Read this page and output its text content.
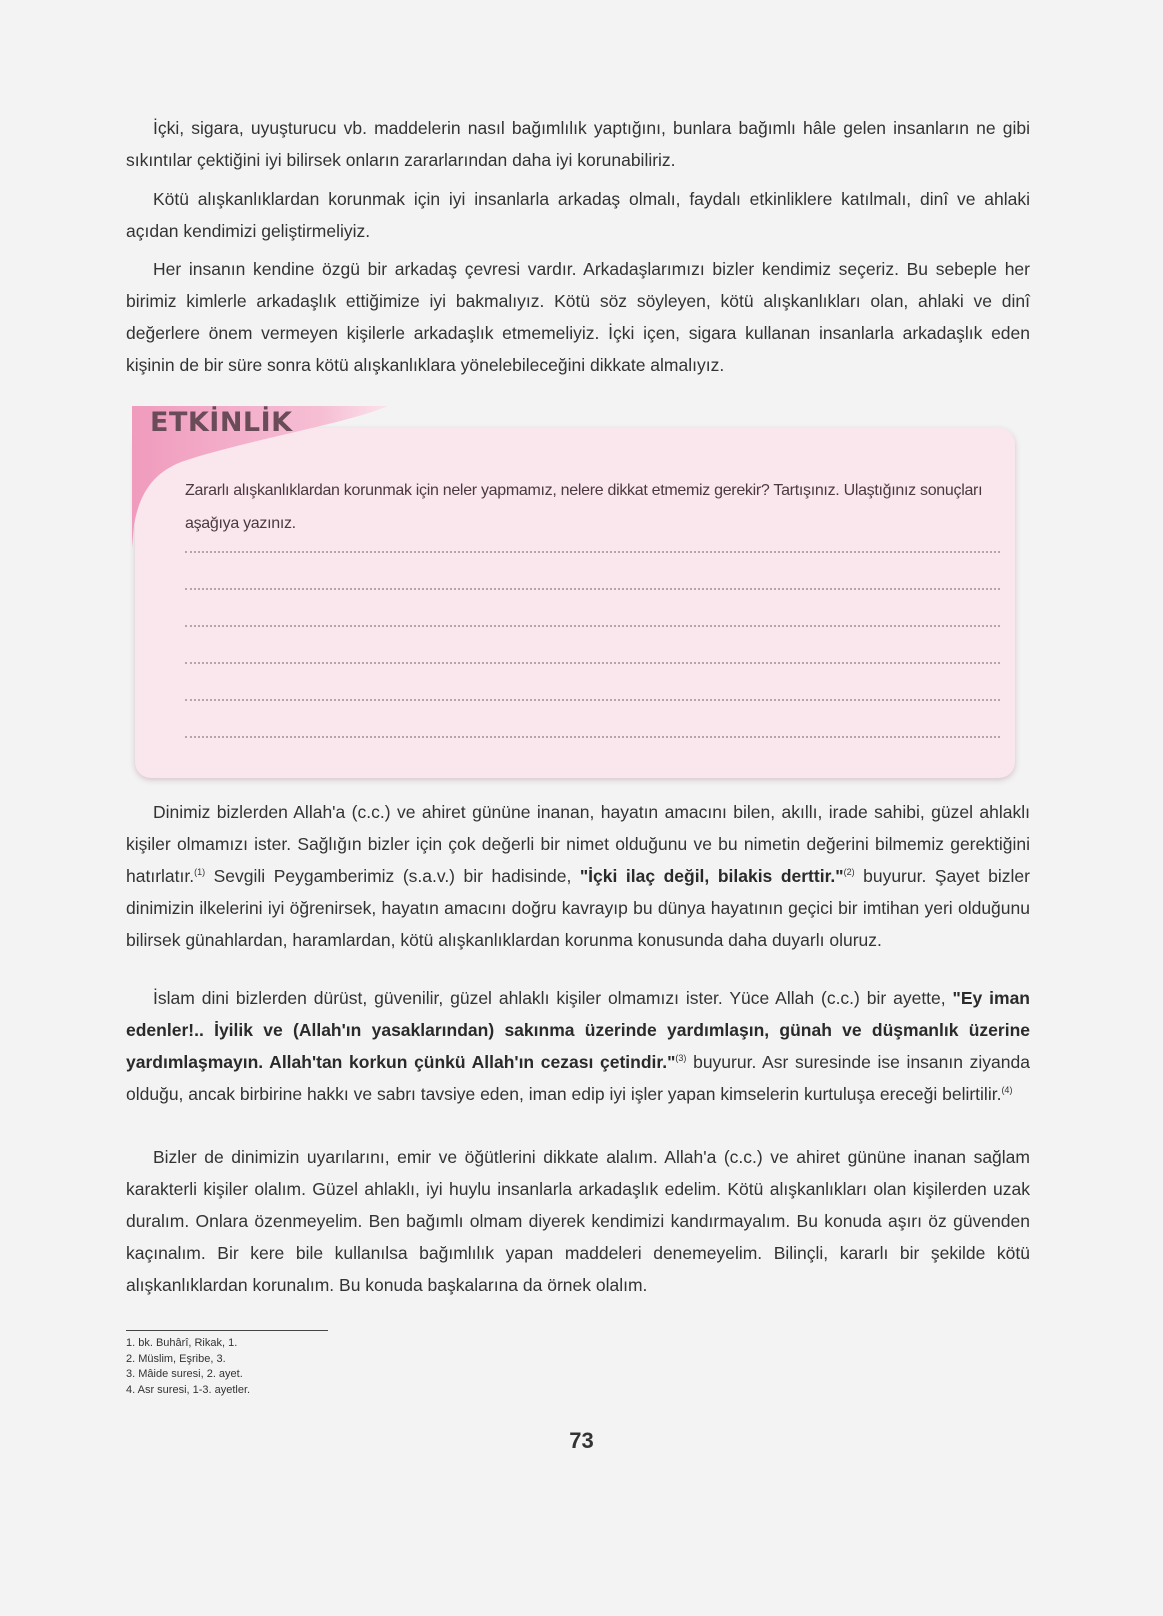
İçki, sigara, uyuşturucu vb. maddelerin nasıl bağımlılık yaptığını, bunlara bağımlı hâle gelen insanların ne gibi sıkıntılar çektiğini iyi bilirsek onların zararlarından daha iyi korunabiliriz.

Kötü alışkanlıklardan korunmak için iyi insanlarla arkadaş olmalı, faydalı etkinliklere katılmalı, dinî ve ahlaki açıdan kendimizi geliştirmeliyiz.

Her insanın kendine özgü bir arkadaş çevresi vardır. Arkadaşlarımızı bizler kendimiz seçeriz. Bu sebeple her birimiz kimlerle arkadaşlık ettiğimize iyi bakmalıyız. Kötü söz söyleyen, kötü alışkanlıkları olan, ahlaki ve dinî değerlere önem vermeyen kişilerle arkadaşlık etmemeliyiz. İçki içen, sigara kullanan insanlarla arkadaşlık eden kişinin de bir süre sonra kötü alışkanlıklara yönelebileceğini dikkate almalıyız.

ETKİNLİK

Zararlı alışkanlıklardan korunmak için neler yapmamız, nelere dikkat etmemiz gerekir? Tartışınız. Ulaştığınız sonuçları aşağıya yazınız.

Dinimiz bizlerden Allah'a (c.c.) ve ahiret gününe inanan, hayatın amacını bilen, akıllı, irade sahibi, güzel ahlaklı kişiler olmamızı ister. Sağlığın bizler için çok değerli bir nimet olduğunu ve bu nimetin değerini bilmemiz gerektiğini hatırlatır.$^{(1)}$ Sevgili Peygamberimiz (s.a.v.) bir hadisinde, "İçki ilaç değil, bilakis derttir."$^{(2)}$ buyurur. Şayet bizler dinimizin ilkelerini iyi öğrenirsek, hayatın amacını doğru kavrayıp bu dünya hayatının geçici bir imtihan yeri olduğunu bilirsek günahlardan, haramlardan, kötü alışkanlıklardan korunma konusunda daha duyarlı oluruz.

İslam dini bizlerden dürüst, güvenilir, güzel ahlaklı kişiler olmamızı ister. Yüce Allah (c.c.) bir ayette, "Ey iman edenler!.. İyilik ve (Allah'ın yasaklarından) sakınma üzerinde yardımlaşın, günah ve düşmanlık üzerine yardımlaşmayın. Allah'tan korkun çünkü Allah'ın cezası çetindir."$^{(3)}$ buyurur. Asr suresinde ise insanın ziyanda olduğu, ancak birbirine hakkı ve sabrı tavsiye eden, iman edip iyi işler yapan kimselerin kurtuluşa ereceği belirtilir.$^{(4)}$

Bizler de dinimizin uyarılarını, emir ve öğütlerini dikkate alalım. Allah'a (c.c.) ve ahiret gününe inanan sağlam karakterli kişiler olalım. Güzel ahlaklı, iyi huylu insanlarla arkadaşlık edelim. Kötü alışkanlıkları olan kişilerden uzak duralım. Onlara özenmeyelim. Ben bağımlı olmam diyerek kendimizi kandırmayalım. Bu konuda aşırı öz güvenden kaçınalım. Bir kere bile kullanılsa bağımlılık yapan maddeleri denemeyelim. Bilinçli, kararlı bir şekilde kötü alışkanlıklardan korunalım. Bu konuda başkalarına da örnek olalım.

1. bk. Buhârî, Rikak, 1.
2. Müslim, Eşribe, 3.
3. Mâide suresi, 2. ayet.
4. Asr suresi, 1-3. ayetler.
73
